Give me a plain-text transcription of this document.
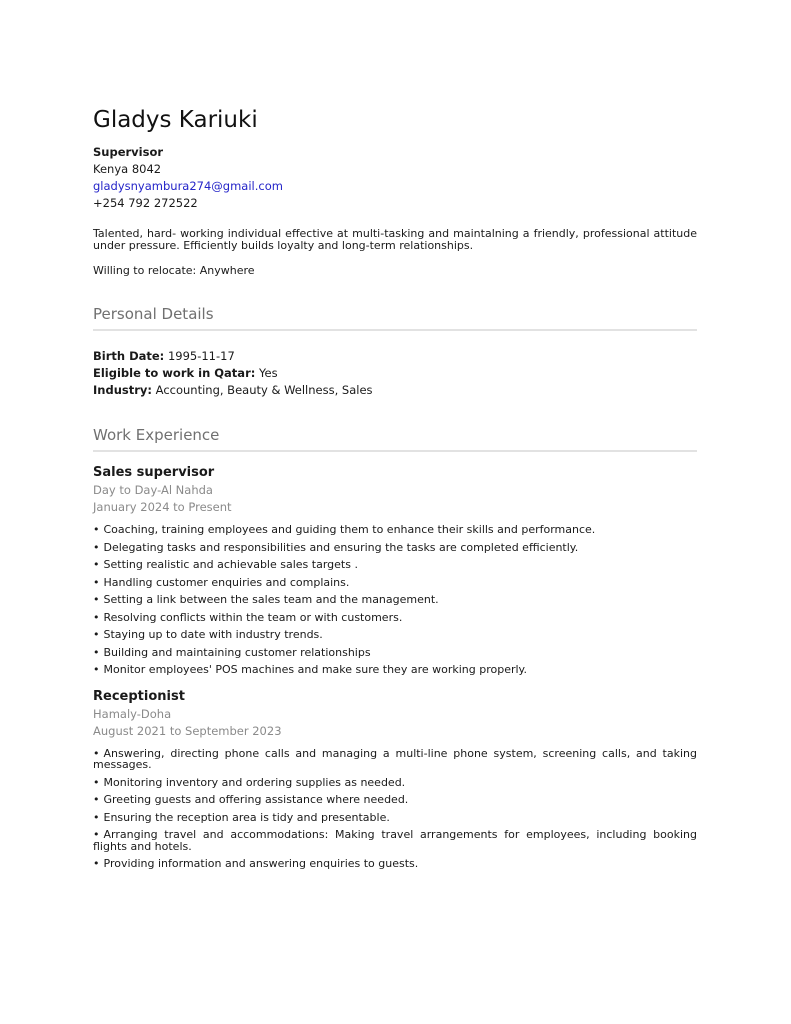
Gladys Kariuki
Supervisor
Kenya 8042
gladysnyambura274@gmail.com
+254 792 272522
Talented, hard- working individual effective at multi-tasking and maintalning a friendly, professional attitude under pressure. Efficiently builds loyalty and long-term relationships.
Willing to relocate: Anywhere
Personal Details
Birth Date: 1995-11-17
Eligible to work in Qatar: Yes
Industry: Accounting, Beauty & Wellness, Sales
Work Experience
Sales supervisor
Day to Day-Al Nahda
January 2024 to Present
• Coaching, training employees and guiding them to enhance their skills and performance.
• Delegating tasks and responsibilities and ensuring the tasks are completed efficiently.
• Setting realistic and achievable sales targets .
• Handling customer enquiries and complains.
• Setting a link between the sales team and the management.
• Resolving conflicts within the team or with customers.
• Staying up to date with industry trends.
• Building and maintaining customer relationships
• Monitor employees' POS machines and make sure they are working properly.
Receptionist
Hamaly-Doha
August 2021 to September 2023
• Answering, directing phone calls and managing a multi-line phone system, screening calls, and taking messages.
• Monitoring inventory and ordering supplies as needed.
• Greeting guests and offering assistance where needed.
• Ensuring the reception area is tidy and presentable.
• Arranging travel and accommodations: Making travel arrangements for employees, including booking flights and hotels.
• Providing information and answering enquiries to guests.
